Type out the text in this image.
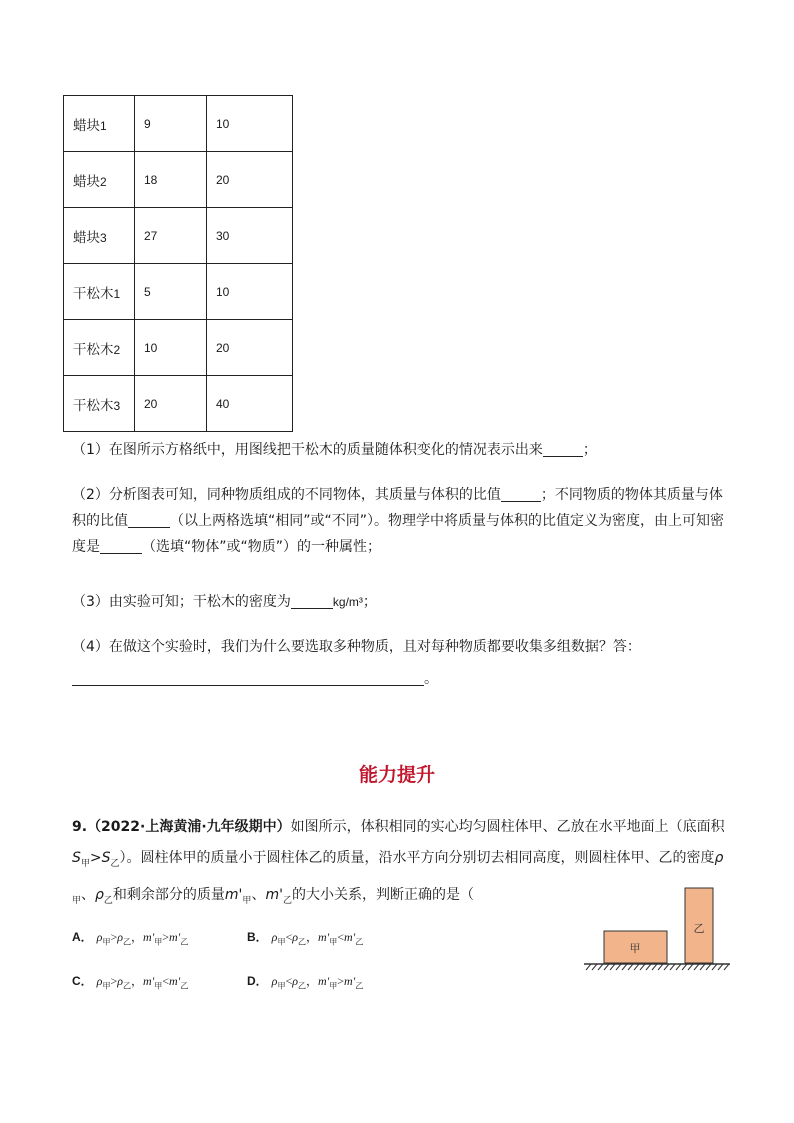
蜡块1	9	10
蜡块2	18	20
蜡块3	27	30
干松木1	5	10
干松木2	10	20
干松木3	20	40
（1）在图所示方格纸中，用图线把干松木的质量随体积变化的情况表示出来	；
（2）分析图表可知，同种物质组成的不同物体，其质量与体积的比值	；不同物质的物体其质量与体积的比值	（以上两格选填“相同”或“不同”）。物理学中将质量与体积的比值定义为密度，由上可知密度是	（选填“物体”或“物质”）的一种属性；
（3）由实验可知；干松木的密度为	kg/m³；
（4）在做这个实验时，我们为什么要选取多种物质，且对每种物质都要收集多组数据？答：
。
能力提升
9.（2022·上海黄浦·九年级期中）如图所示，体积相同的实心均匀圆柱体甲、乙放在水平地面上（底面积$S_甲>S_乙$）。圆柱体甲的质量小于圆柱体乙的质量，沿水平方向分别切去相同高度，则圆柱体甲、乙的密度$\rho_甲$、$\rho_乙$和剩余部分的质量$m'_甲$、$m'_乙$的大小关系，判断正确的是（
A． $\rho_甲>\rho_乙$，$m'_甲>m'_乙$	B． $\rho_甲<\rho_乙$，$m'_甲<m'_乙$
C． $\rho_甲>\rho_乙$，$m'_甲<m'_乙$	D． $\rho_甲<\rho_乙$，$m'_甲>m'_乙$
甲
乙
